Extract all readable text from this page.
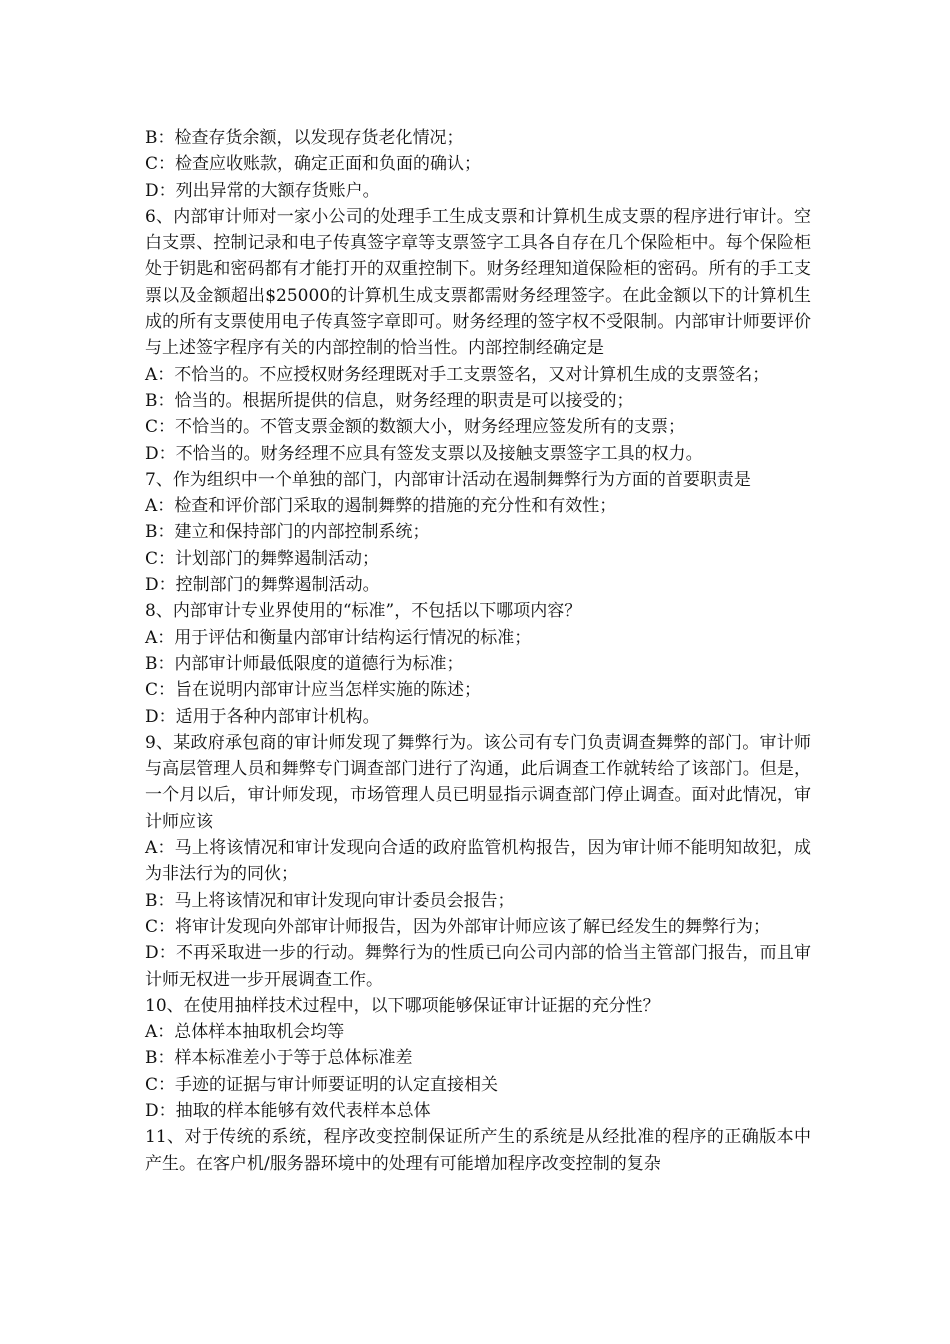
B：检查存货余额，以发现存货老化情况；

C：检查应收账款，确定正面和负面的确认；

D：列出异常的大额存货账户。

6、内部审计师对一家小公司的处理手工生成支票和计算机生成支票的程序进行审计。空白支票、控制记录和电子传真签字章等支票签字工具各自存在几个保险柜中。每个保险柜处于钥匙和密码都有才能打开的双重控制下。财务经理知道保险柜的密码。所有的手工支票以及金额超出$25000的计算机生成支票都需财务经理签字。在此金额以下的计算机生成的所有支票使用电子传真签字章即可。财务经理的签字权不受限制。内部审计师要评价与上述签字程序有关的内部控制的恰当性。内部控制经确定是

A：不恰当的。不应授权财务经理既对手工支票签名，又对计算机生成的支票签名；

B：恰当的。根据所提供的信息，财务经理的职责是可以接受的；

C：不恰当的。不管支票金额的数额大小，财务经理应签发所有的支票；

D：不恰当的。财务经理不应具有签发支票以及接触支票签字工具的权力。

7、作为组织中一个单独的部门，内部审计活动在遏制舞弊行为方面的首要职责是

A：检查和评价部门采取的遏制舞弊的措施的充分性和有效性；

B：建立和保持部门的内部控制系统；

C：计划部门的舞弊遏制活动；

D：控制部门的舞弊遏制活动。

8、内部审计专业界使用的“标准”，不包括以下哪项内容？

A：用于评估和衡量内部审计结构运行情况的标准；

B：内部审计师最低限度的道德行为标准；

C：旨在说明内部审计应当怎样实施的陈述；

D：适用于各种内部审计机构。

9、某政府承包商的审计师发现了舞弊行为。该公司有专门负责调查舞弊的部门。审计师与高层管理人员和舞弊专门调查部门进行了沟通，此后调查工作就转给了该部门。但是，一个月以后，审计师发现，市场管理人员已明显指示调查部门停止调查。面对此情况，审计师应该

A：马上将该情况和审计发现向合适的政府监管机构报告，因为审计师不能明知故犯，成为非法行为的同伙；

B：马上将该情况和审计发现向审计委员会报告；

C：将审计发现向外部审计师报告，因为外部审计师应该了解已经发生的舞弊行为；

D：不再采取进一步的行动。舞弊行为的性质已向公司内部的恰当主管部门报告，而且审计师无权进一步开展调查工作。

10、在使用抽样技术过程中，以下哪项能够保证审计证据的充分性？

A：总体样本抽取机会均等

B：样本标准差小于等于总体标准差

C：手迹的证据与审计师要证明的认定直接相关

D：抽取的样本能够有效代表样本总体

11、对于传统的系统，程序改变控制保证所产生的系统是从经批准的程序的正确版本中产生。在客户机/服务器环境中的处理有可能增加程序改变控制的复杂
